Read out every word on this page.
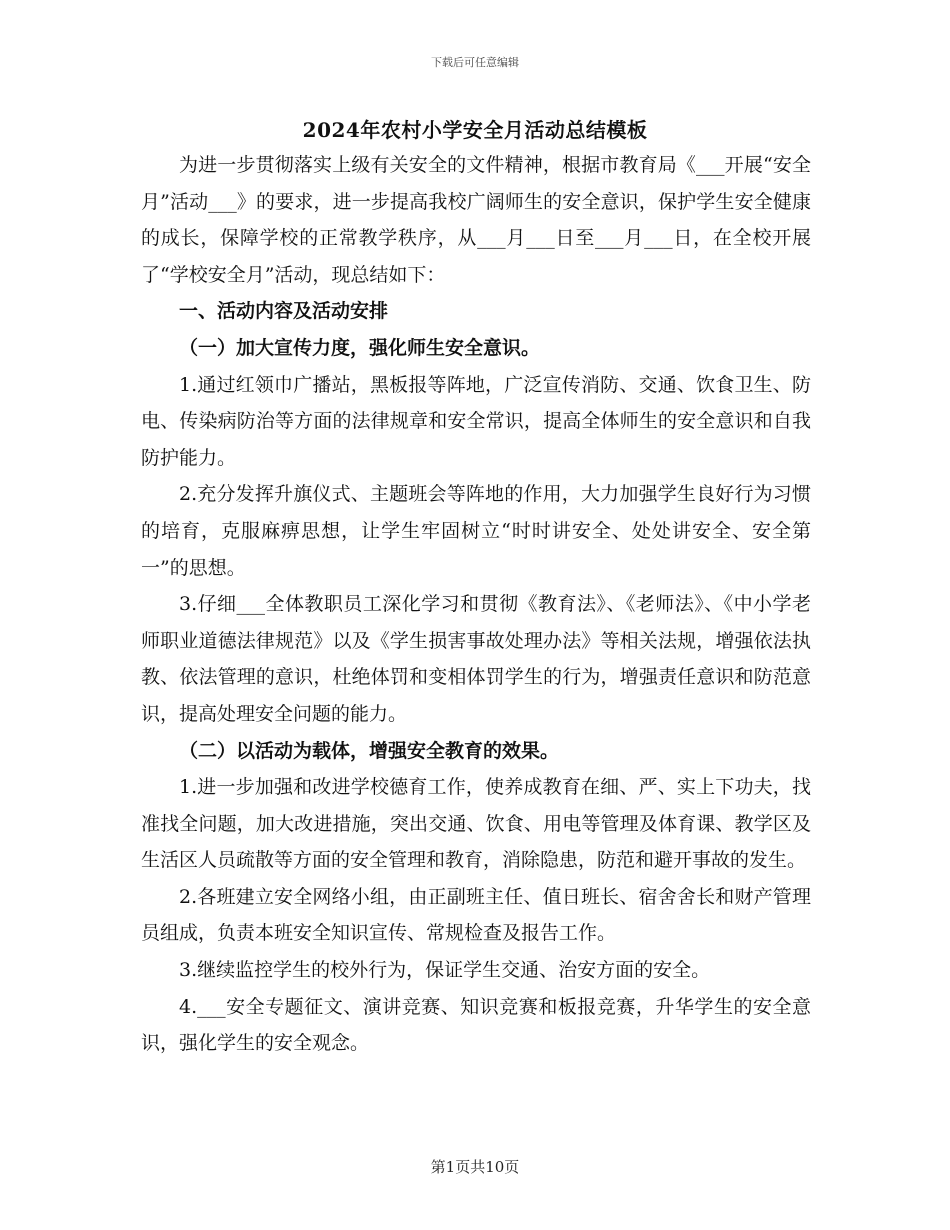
下载后可任意编辑
2024年农村小学安全月活动总结模板

为进一步贯彻落实上级有关安全的文件精神，根据市教育局《___开展“安全月”活动___》的要求，进一步提高我校广阔师生的安全意识，保护学生安全健康的成长，保障学校的正常教学秩序，从___月___日至___月___日，在全校开展了“学校安全月”活动，现总结如下：

一、活动内容及活动安排

（一）加大宣传力度，强化师生安全意识。

1.通过红领巾广播站，黑板报等阵地，广泛宣传消防、交通、饮食卫生、防电、传染病防治等方面的法律规章和安全常识，提高全体师生的安全意识和自我防护能力。

2.充分发挥升旗仪式、主题班会等阵地的作用，大力加强学生良好行为习惯的培育，克服麻痹思想，让学生牢固树立“时时讲安全、处处讲安全、安全第一”的思想。

3.仔细___全体教职员工深化学习和贯彻《教育法》、《老师法》、《中小学老师职业道德法律规范》以及《学生损害事故处理办法》等相关法规，增强依法执教、依法管理的意识，杜绝体罚和变相体罚学生的行为，增强责任意识和防范意识，提高处理安全问题的能力。

（二）以活动为载体，增强安全教育的效果。

1.进一步加强和改进学校德育工作，使养成教育在细、严、实上下功夫，找准找全问题，加大改进措施，突出交通、饮食、用电等管理及体育课、教学区及生活区人员疏散等方面的安全管理和教育，消除隐患，防范和避开事故的发生。

2.各班建立安全网络小组，由正副班主任、值日班长、宿舍舍长和财产管理员组成，负责本班安全知识宣传、常规检查及报告工作。

3.继续监控学生的校外行为，保证学生交通、治安方面的安全。

4.___安全专题征文、演讲竞赛、知识竞赛和板报竞赛，升华学生的安全意识，强化学生的安全观念。

第1页共10页
